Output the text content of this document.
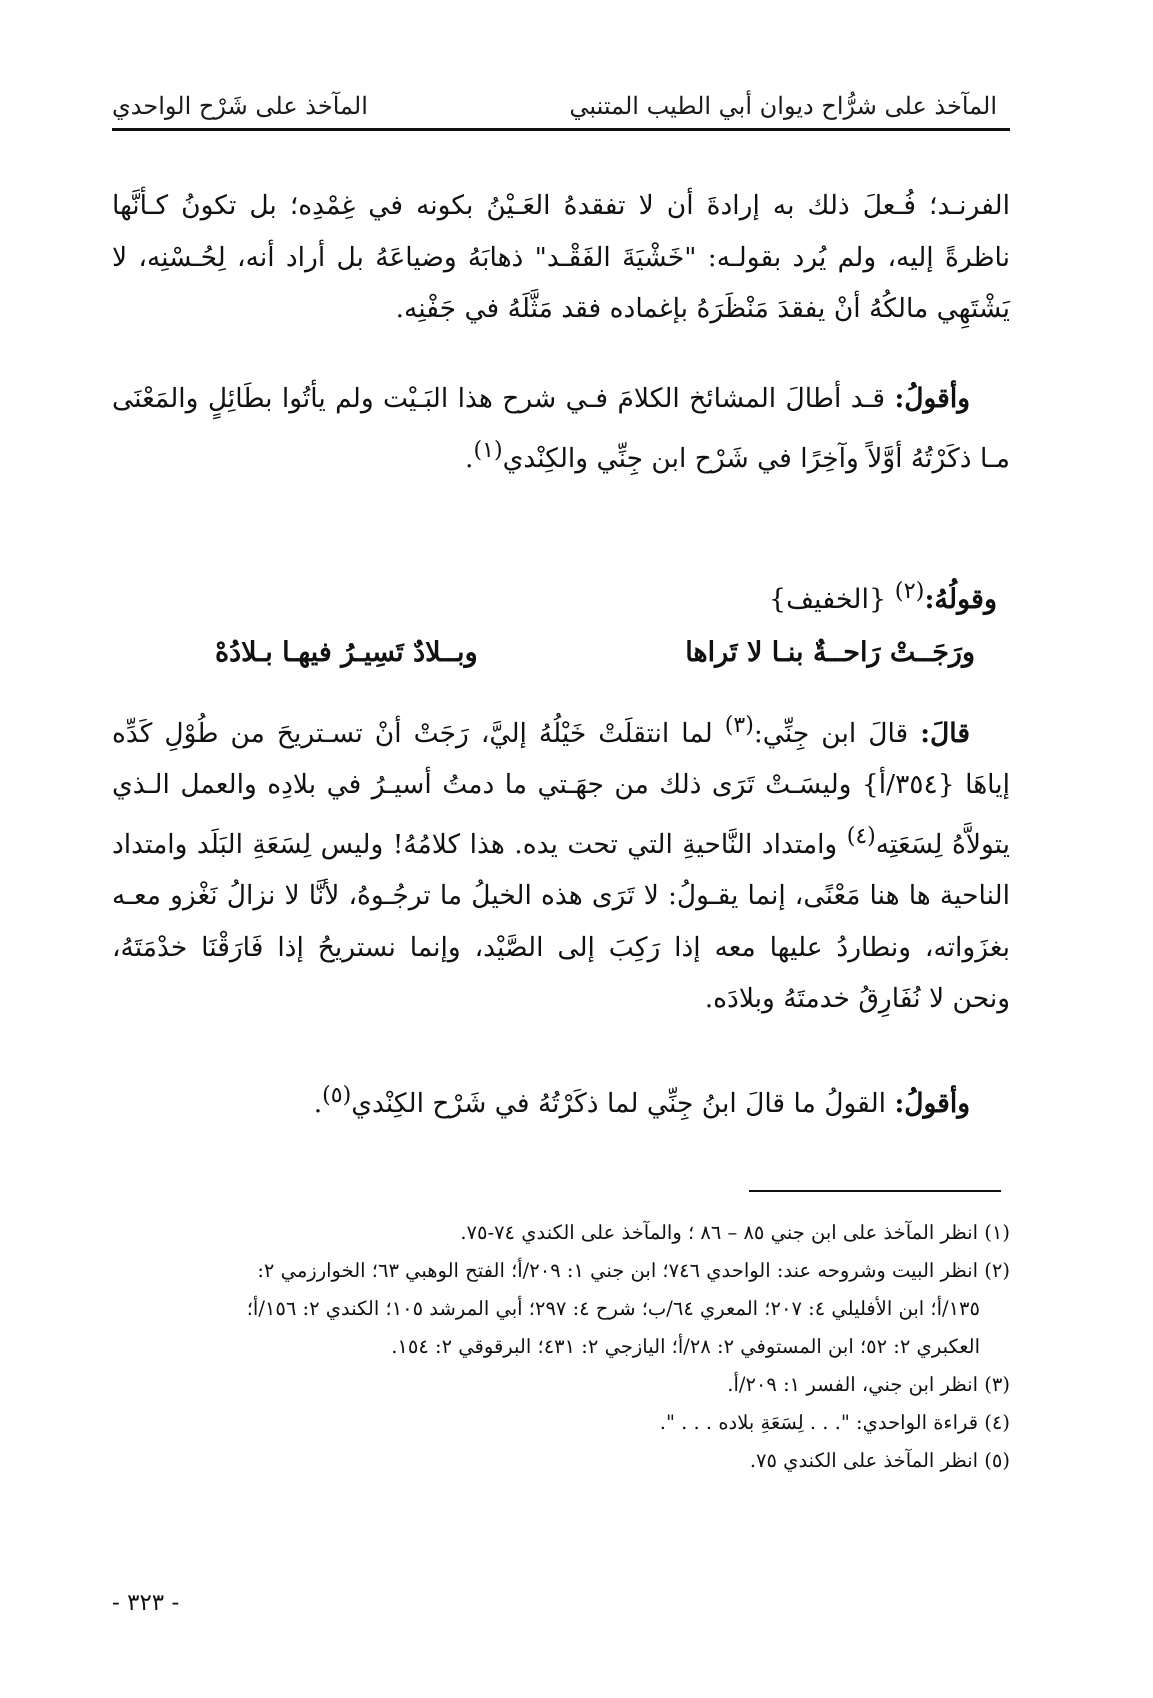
المآخذ على شرُّاح ديوان أبي الطيب المتنبي
المآخذ على شَرْح الواحدي

الفرنـد؛ فُـعلَ ذلك به إرادةَ أن لا تفقدهُ العَـيْنُ بكونه في غِمْدِه؛ بل تكونُ كـأنَّها ناظرةً إليه، ولم يُرد بقولـه: "خَشْيَةَ الفَقْـد" ذهابَهُ وضياعَهُ بل أراد أنه، لِحُـسْنِه، لا يَشْتَهِي مالكُهُ أنْ يفقدَ مَنْظَرَهُ بإغماده فقد مَثَّلَهُ في جَفْنِه.

وأقولُ: قـد أطالَ المشائخ الكلامَ فـي شرح هذا البَـيْت ولم يأتُوا بطَائِلٍ والمَعْنَى مـا ذكَرْتُهُ أوَّلاً وآخِرًا في شَرْح ابن جِنِّي والكِنْدي$^{(١)}$.

وقولُهُ:$^{(٢)}$ {الخفيف}
ورَجَــتْ رَاحــةٌ بنـا لا تَراها
وبــلادٌ تَسِيـرُ فيهـا بـلادُهْ

قالَ: قالَ ابن جِنِّي:$^{(٣)}$ لما انتقلَتْ خَيْلُهُ إليَّ، رَجَتْ أنْ تسـتريحَ من طُوْلِ كَدِّه إياهَا {٣٥٤/أ} وليسَـتْ تَرَى ذلك من جهَـتي ما دمتُ أسيـرُ في بلادِه والعمل الـذي يتولاَّهُ لِسَعَتِه$^{(٤)}$ وامتداد النَّاحيةِ التي تحت يده. هذا كلامُهُ! وليس لِسَعَةِ البَلَد وامتداد الناحية ها هنا مَعْنًى، إنما يقـولُ: لا تَرَى هذه الخيلُ ما ترجُـوهُ، لأنَّا لا نزالُ نَغْزو معـه بغزَواته، ونطاردُ عليها معه إذا رَكِبَ إلى الصَّيْد، وإنما نستريحُ إذا فَارَقْنَا خدْمَتَهُ، ونحن لا نُفَارِقُ خدمتَهُ وبلادَه.

وأقولُ: القولُ ما قالَ ابنُ جِنِّي لما ذكَرْتُهُ في شَرْح الكِنْدي$^{(٥)}$.

(١) انظر المآخذ على ابن جني ٨٥ – ٨٦ ؛ والمآخذ على الكندي ٧٤-٧٥.

(٢) انظر البيت وشروحه عند: الواحدي ٧٤٦؛ ابن جني ١: ٢٠٩/أ؛ الفتح الوهبي ٦٣؛ الخوارزمي ٢:

١٣٥/أ؛ ابن الأفليلي ٤: ٢٠٧؛ المعري ٦٤/ب؛ شرح ٤: ٢٩٧؛ أبي المرشد ١٠٥؛ الكندي ٢: ١٥٦/أ؛

العكبري ٢: ٥٢؛ ابن المستوفي ٢: ٢٨/أ؛ اليازجي ٢: ٤٣١؛ البرقوقي ٢: ١٥٤.

(٣) انظر ابن جني، الفسر ١: ٢٠٩/أ.

(٤) قراءة الواحدي: ". . . لِسَعَةِ بلاده . . . ".

(٥) انظر المآخذ على الكندي ٧٥.

- ٣٢٣ -
